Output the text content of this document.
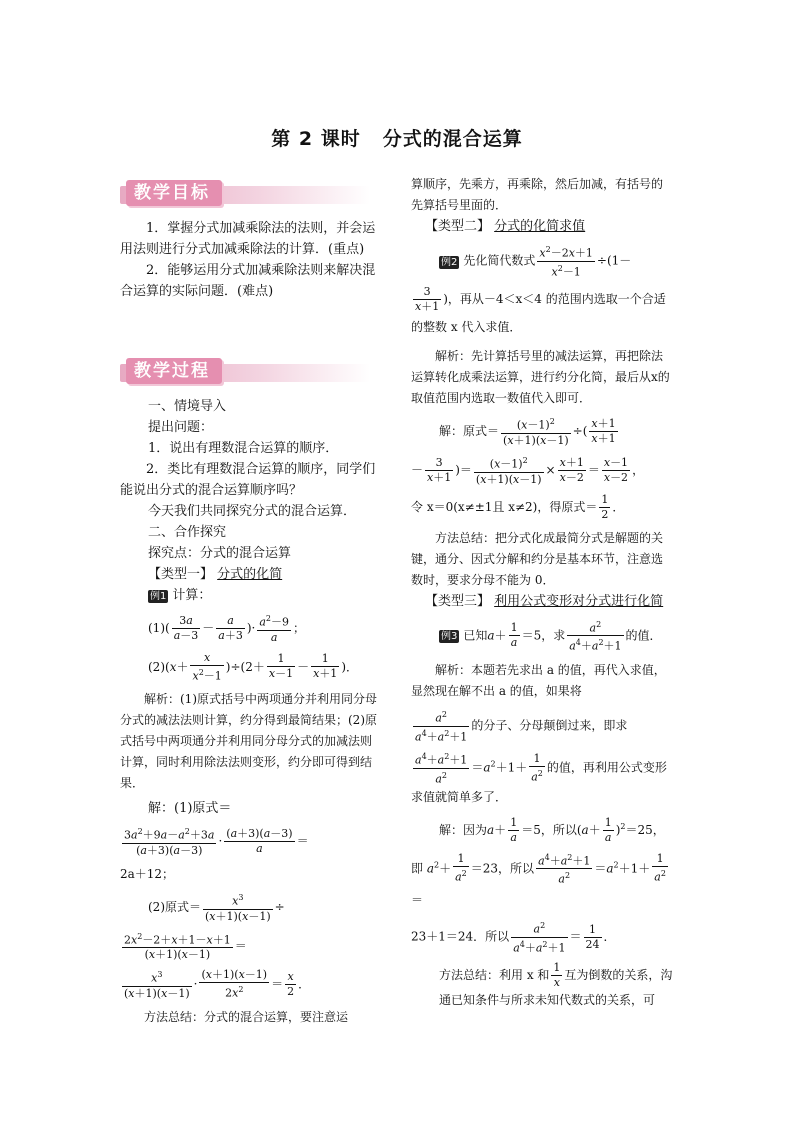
第 2 课时 分式的混合运算
教学目标

1．掌握分式加减乘除法的法则，并会运用法则进行分式加减乘除法的计算．(重点)

2．能够运用分式加减乘除法则来解决混合运算的实际问题．(难点)

教学过程

一、情境导入

提出问题：

1．说出有理数混合运算的顺序．

2．类比有理数混合运算的顺序，同学们能说出分式的混合运算顺序吗？

今天我们共同探究分式的混合运算．

二、合作探究

探究点：分式的混合运算

【类型一】 分式的化简

例1 计算：

$(1)( \frac{3a}{a-3} - \frac{a}{a+3}$ )· $\frac{a^2-9}{a}$ ；
$(2)(x+ \frac{x}{x^2-1} )\div(2+ \frac{1}{x-1} - \frac{1}{x+1}$ )．

解析：(1)原式括号中两项通分并利用同分母分式的减法法则计算，约分得到最简结果；(2)原式括号中两项通分并利用同分母分式的加减法则计算，同时利用除法法则变形，约分即可得到结果．

解：(1)原式＝

$\frac{3a^2+9a-a^2+3a}{(a+3)(a-3)} \cdot \frac{(a+3)(a-3)}{a}$ ＝

2a＋12；

(2)原式＝ $\frac{x^3}{(x+1)(x-1)}$ ÷
$\frac{2x^2-2+x+1-x+1}{(x+1)(x-1)}$ ＝
$\frac{x^3}{(x+1)(x-1)} \cdot \frac{(x+1)(x-1)}{2x^2} = \frac{x}{2}$ ．

方法总结：分式的混合运算，要注意运

算顺序，先乘方，再乘除，然后加减，有括号的先算括号里面的．

【类型二】 分式的化简求值

例2 先化简代数式 $\frac{x^2-2x+1}{x^2-1} \div(1-$
$\frac{3}{x+1}$ )，再从－4＜x＜4 的范围内选取一个合适的整数 x 代入求值．

解析：先计算括号里的减法运算，再把除法运算转化成乘法运算，进行约分化简，最后从x的取值范围内选取一数值代入即可．

解：原式＝ $\frac{(x-1)^2}{(x+1)(x-1)}$ ÷( $\frac{x+1}{x+1}$
－ $\frac{3}{x+1}$ )＝ $\frac{(x-1)^2}{(x+1)(x-1)} \times \frac{x+1}{x-2} = \frac{x-1}{x-2}$ ，
令 x＝0(x≠±1且 x≠2)，得原式＝ $\frac{1}{2}$ ．

方法总结：把分式化成最简分式是解题的关键，通分、因式分解和约分是基本环节，注意选数时，要求分母不能为 0．

【类型三】 利用公式变形对分式进行化简

例3 已知$a+ \frac{1}{a} =5$，求 $\frac{a^2}{a^4+a^2+1}$ 的值．

解析：本题若先求出 a 的值，再代入求值，显然现在解不出 a 的值，如果将

$\frac{a^2}{a^4+a^2+1}$ 的分子、分母颠倒过来，即求
$\frac{a^4+a^2+1}{a^2} =a^2+1+ \frac{1}{a^2}$ 的值，再利用公式变形求值就简单多了．
解：因为$a+ \frac{1}{a} =5$，所以$(a+ \frac{1}{a} )^2=25$，
即 $a^2+ \frac{1}{a^2} =23$，所以 $\frac{a^4+a^2+1}{a^2} =a^2+1+ \frac{1}{a^2}$
＝
23＋1＝24．所以 $\frac{a^2}{a^4+a^2+1} = \frac{1}{24}$ ．
方法总结：利用 x 和 $\frac{1}{x}$ 互为倒数的关系，沟通已知条件与所求未知代数式的关系，可
